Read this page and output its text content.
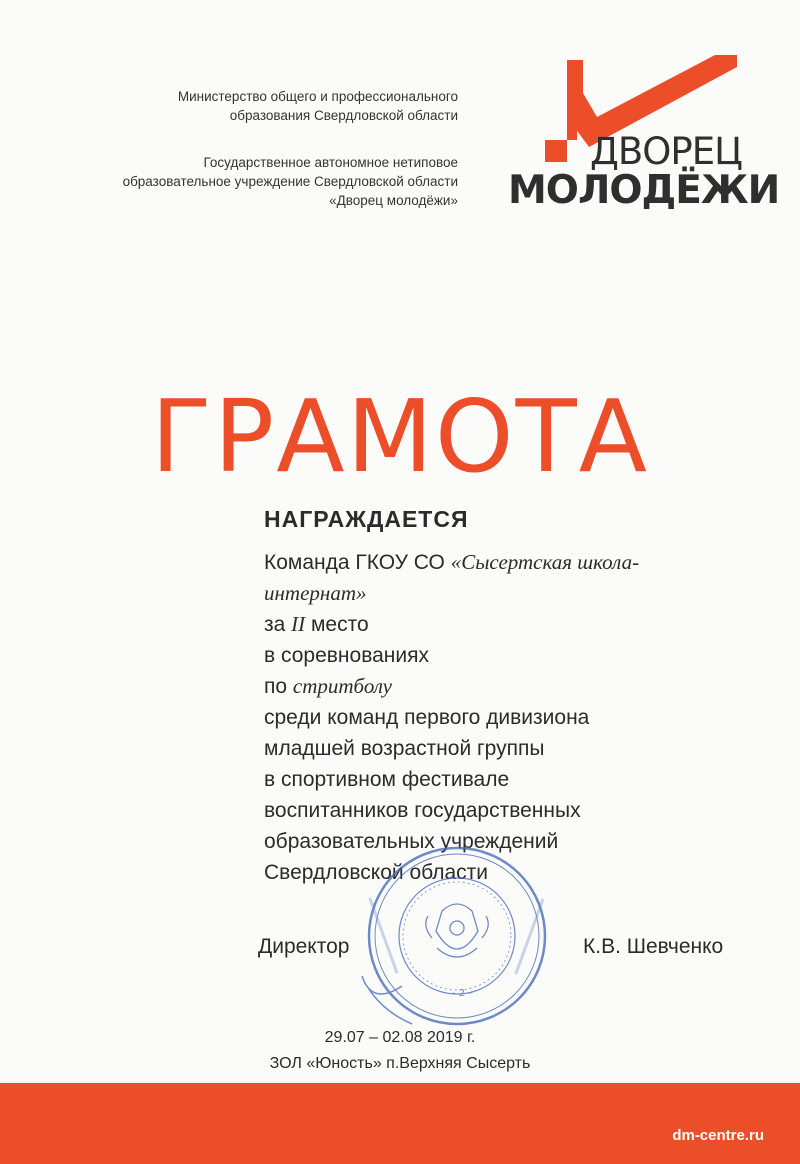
Министерство общего и профессионального
образования Свердловской области
Государственное автономное нетиповое
образовательное учреждение Свердловской области
«Дворец молодёжи»
ДВОРЕЦ
МОЛОДЁЖИ
ГРАМОТА
НАГРАЖДАЕТСЯ
Команда ГКОУ СО «Сысертская школа-
интернат»
за II место
в соревнованиях
по стритболу
среди команд первого дивизиона
младшей возрастной группы
в спортивном фестивале
воспитанников государственных
образовательных учреждений
Свердловской области
- 2 -
Директор	К.В. Шевченко
29.07 – 02.08 2019 г.
ЗОЛ «Юность» п.Верхняя Сысерть
dm-centre.ru
